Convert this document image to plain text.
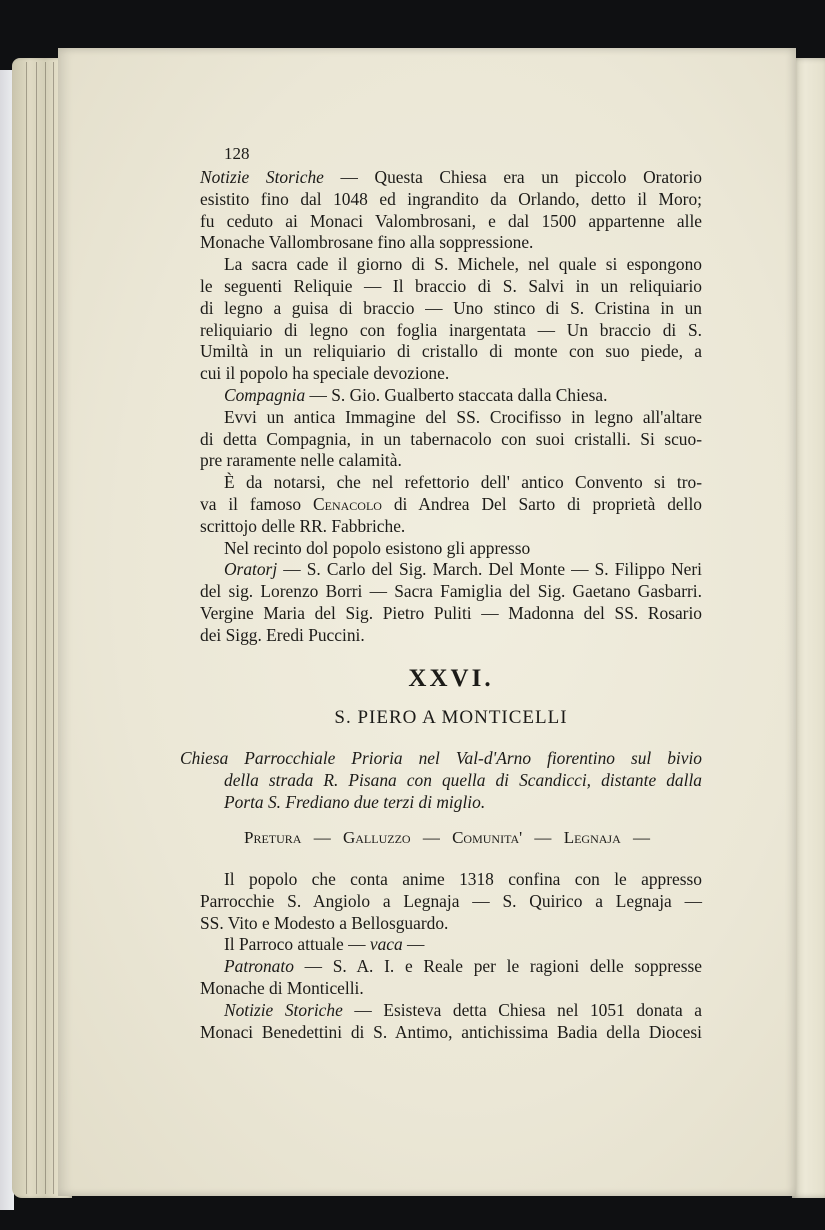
128
Notizie Storiche — Questa Chiesa era un piccolo Oratorio
esistito fino dal 1048 ed ingrandito da Orlando, detto il Moro;
fu ceduto ai Monaci Valombrosani, e dal 1500 appartenne alle
Monache Vallombrosane fino alla soppressione.
La sacra cade il giorno di S. Michele, nel quale si espongono
le seguenti Reliquie — Il braccio di S. Salvi in un reliquiario
di legno a guisa di braccio — Uno stinco di S. Cristina in un
reliquiario di legno con foglia inargentata — Un braccio di S.
Umiltà in un reliquiario di cristallo di monte con suo piede, a
cui il popolo ha speciale devozione.
Compagnia — S. Gio. Gualberto staccata dalla Chiesa.
Evvi un antica Immagine del SS. Crocifisso in legno all'altare
di detta Compagnia, in un tabernacolo con suoi cristalli. Si scuo-
pre raramente nelle calamità.
È da notarsi, che nel refettorio dell' antico Convento si tro-
va il famoso Cenacolo di Andrea Del Sarto di proprietà dello
scrittojo delle RR. Fabbriche.
Nel recinto dol popolo esistono gli appresso
Oratorj — S. Carlo del Sig. March. Del Monte — S. Filippo Neri
del sig. Lorenzo Borri — Sacra Famiglia del Sig. Gaetano Gasbarri.
Vergine Maria del Sig. Pietro Puliti — Madonna del SS. Rosario
dei Sigg. Eredi Puccini.
XXVI.
S. PIERO A MONTICELLI
Chiesa Parrocchiale Prioria nel Val-d'Arno fiorentino sul bivio
della strada R. Pisana con quella di Scandicci, distante dalla
Porta S. Frediano due terzi di miglio.
Pretura — Galluzzo — Comunita' — Legnaja —
Il popolo che conta anime 1318 confina con le appresso
Parrocchie S. Angiolo a Legnaja — S. Quirico a Legnaja —
SS. Vito e Modesto a Bellosguardo.
Il Parroco attuale — vaca —
Patronato — S. A. I. e Reale per le ragioni delle soppresse
Monache di Monticelli.
Notizie Storiche — Esisteva detta Chiesa nel 1051 donata a
Monaci Benedettini di S. Antimo, antichissima Badia della Diocesi
